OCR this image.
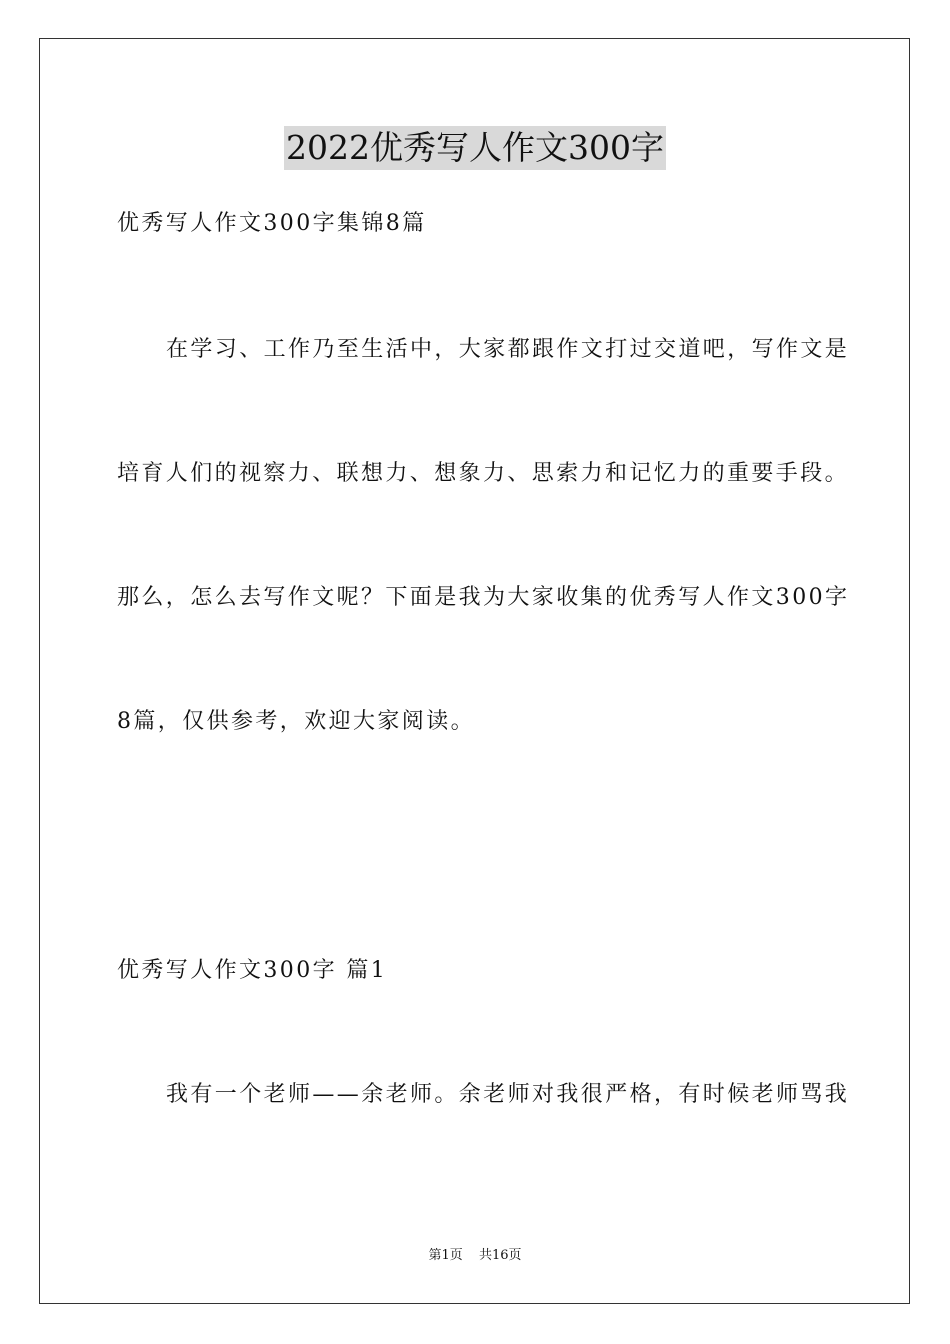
2022优秀写人作文300字
优秀写人作文300字集锦8篇
在学习、工作乃至生活中，大家都跟作文打过交道吧，写作文是
培育人们的视察力、联想力、想象力、思索力和记忆力的重要手段。
那么，怎么去写作文呢？下面是我为大家收集的优秀写人作文300字
8篇，仅供参考，欢迎大家阅读。
优秀写人作文300字 篇1
我有一个老师——余老师。余老师对我很严格，有时候老师骂我
第1页 共16页
